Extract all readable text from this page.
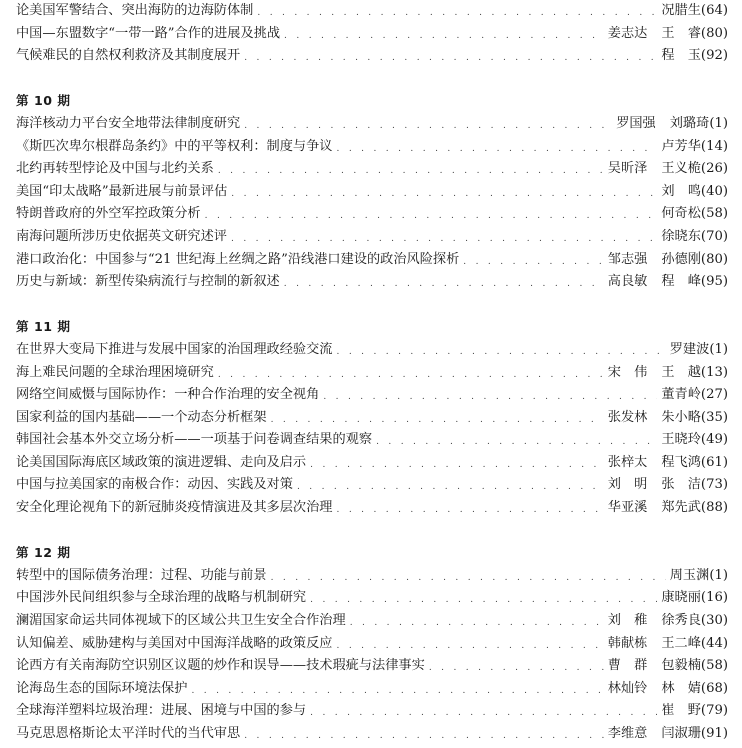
论美国军警结合、突出海防的边海防体制 . . .	况腊生 (64)
中国—东盟数字“一带一路”合作的进展及挑战 . . .	姜志达 王　睿 (80)
气候难民的自然权利救济及其制度展开 . . .	程　玉 (92)
第 10 期
海洋核动力平台安全地带法律制度研究 . . .	罗国强 刘璐琦 (1)
《斯匹次卑尔根群岛条约》中的平等权利：制度与争议 . . .	卢芳华 (14)
北约再转型悖论及中国与北约关系 . . .	吴昕泽 王义桅 (26)
美国“印太战略”最新进展与前景评估 . . .	刘　鸣 (40)
特朗普政府的外空军控政策分析 . . .	何奇松 (58)
南海问题所涉历史依据英文研究述评 . . .	徐晓东 (70)
港口政治化：中国参与“21 世纪海上丝绸之路”沿线港口建设的政治风险探析 . . .	邹志强 孙德刚 (80)
历史与新域：新型传染病流行与控制的新叙述 . . .	高良敏 程　峰 (95)
第 11 期
在世界大变局下推进与发展中国家的治国理政经验交流 . . .	罗建波 (1)
海上难民问题的全球治理困境研究 . . .	宋　伟 王　越 (13)
网络空间威慑与国际协作：一种合作治理的安全视角 . . .	董青岭 (27)
国家利益的国内基础——一个动态分析框架 . . .	张发林 朱小略 (35)
韩国社会基本外交立场分析——一项基于问卷调查结果的观察 . . .	王晓玲 (49)
论美国国际海底区域政策的演进逻辑、走向及启示 . . .	张梓太 程飞鸿 (61)
中国与拉美国家的南极合作：动因、实践及对策 . . .	刘　明 张　洁 (73)
安全化理论视角下的新冠肺炎疫情演进及其多层次治理 . . .	华亚溪 郑先武 (88)
第 12 期
转型中的国际债务治理：过程、功能与前景 . . .	周玉渊 (1)
中国涉外民间组织参与全球治理的战略与机制研究 . . .	康晓丽 (16)
澜湄国家命运共同体视域下的区域公共卫生安全合作治理 . . .	刘　稚 徐秀良 (30)
认知偏差、威胁建构与美国对中国海洋战略的政策反应 . . .	韩献栋 王二峰 (44)
论西方有关南海防空识别区议题的炒作和误导——技术瑕疵与法律事实 . . .	曹　群 包毅楠 (58)
论海岛生态的国际环境法保护 . . .	林灿铃 林　婧 (68)
全球海洋塑料垃圾治理：进展、困境与中国的参与 . . .	崔　野 (79)
马克思恩格斯论太平洋时代的当代审思 . . .	李维意 闫淑珊 (91)
